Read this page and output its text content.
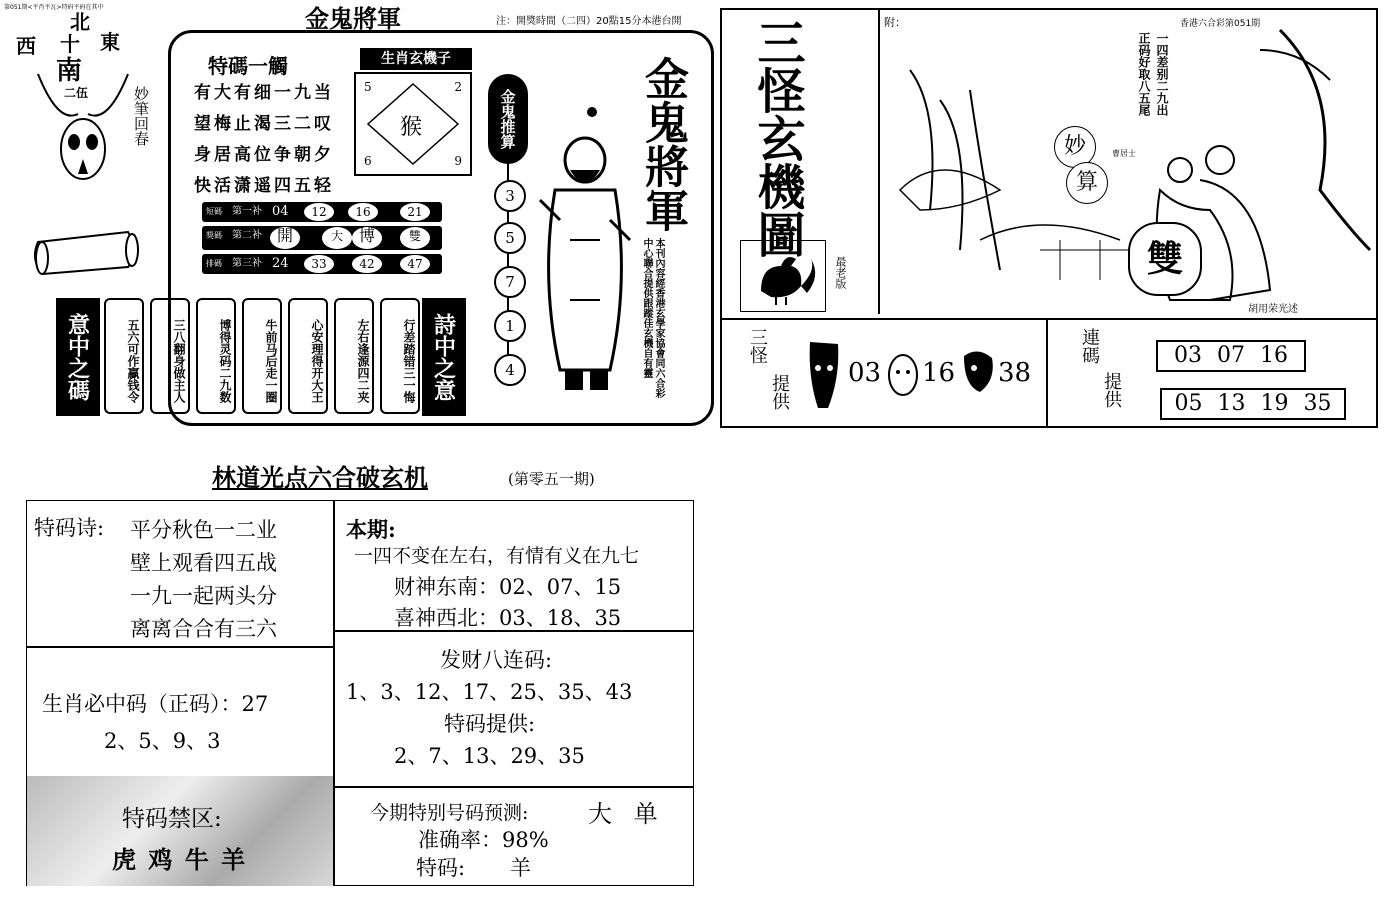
第051期<平肖平瓦>特码平码在其中	金鬼將軍	注：開獎時間（二四）20點15分本港台開
北
西 十 東
南
二伍	妙筆回春
特碼一觸
有大有细一九当
望梅止渴三二叹
身居高位争朝夕
快活潇遥四五轻
生肖玄機子
5	2
6	9
猴
短碼 第一补 04	12	16	21
獎碼 第二补 開	大 博	雙
排碼 第三补 24	33	42	47
金鬼推算
3
5
7
1
4
金鬼將軍
本刊內容經香港玄學家協會同六合彩中心聯合提供跟蹤佳玄機自有靈
意中之碼	五六可作贏钱令	三八翻身做主人	博得灵码二九数	牛前马后走一圈	心安理得开大王	左右逢源四二夹	行差踏错三一悔 詩中之意
三怪玄機圖
最老版
附：	香港六合彩第051期
一四差别二九出
正码好取八五尾
曹居士
妙
算
雙
胡用荣光述
三怪
提供
03 16 38
連碼
提供
03 07 16
05 13 19 35
林道光点六合破玄机	(第零五一期)
特码诗: 平分秋色一二业
壁上观看四五战
一九一起两头分
离离合合有三六
本期:
一四不变在左右，有情有义在九七
财神东南：02、07、15
喜神西北：03、18、35
生肖必中码（正码）：27
2、5、9、3
发财八连码:
1、3、12、17、25、35、43
特码提供:
2、7、13、29、35
特码禁区:
虎 鸡 牛 羊
今期特别号码预测: 大 单
准确率：98%
特码: 羊
